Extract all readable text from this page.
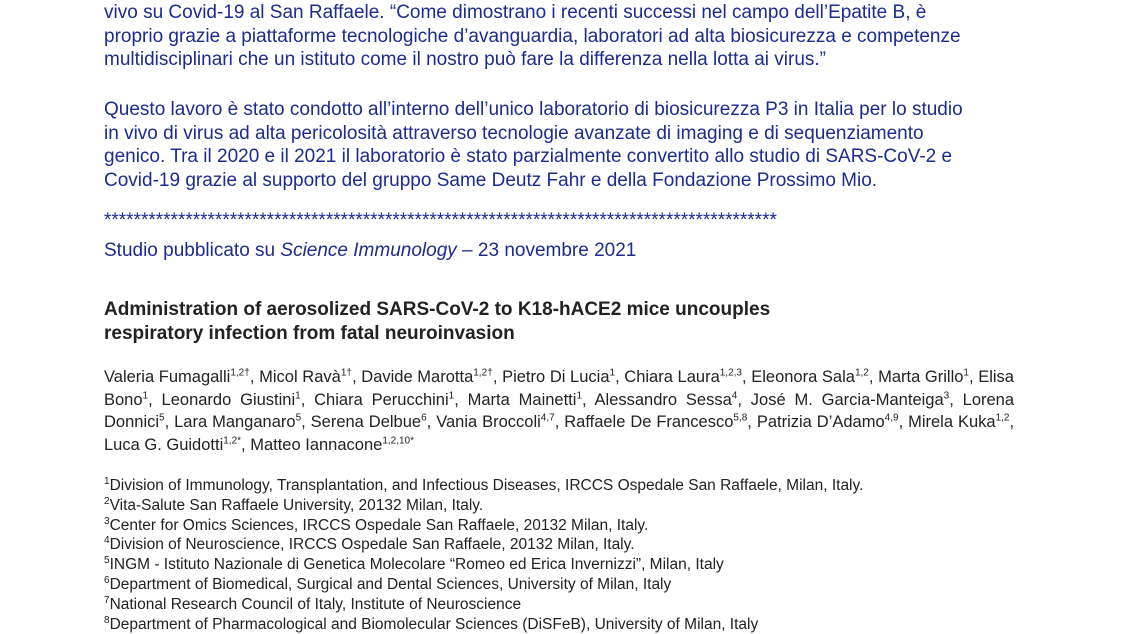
vivo su Covid-19 al San Raffaele. “Come dimostrano i recenti successi nel campo dell’Epatite B, è
proprio grazie a piattaforme tecnologiche d’avanguardia, laboratori ad alta biosicurezza e competenze
multidisciplinari che un istituto come il nostro può fare la differenza nella lotta ai virus.”
Questo lavoro è stato condotto all’interno dell’unico laboratorio di biosicurezza P3 in Italia per lo studio
in vivo di virus ad alta pericolosità attraverso tecnologie avanzate di imaging e di sequenziamento
genico. Tra il 2020 e il 2021 il laboratorio è stato parzialmente convertito allo studio di SARS-CoV-2 e
Covid-19 grazie al supporto del gruppo Same Deutz Fahr e della Fondazione Prossimo Mio.
*******************************************************************************************
Studio pubblicato su Science Immunology – 23 novembre 2021
Administration of aerosolized SARS-CoV-2 to K18-hACE2 mice uncouples
respiratory infection from fatal neuroinvasion
Valeria Fumagalli$^{1,2\dagger}$, Micol Ravà$^{1\dagger}$, Davide Marotta$^{1,2\dagger}$, Pietro Di Lucia$^1$, Chiara Laura$^{1,2,3}$, Eleonora Sala$^{1,2}$, Marta Grillo$^1$, Elisa Bono$^1$, Leonardo Giustini$^1$, Chiara Perucchini$^1$, Marta Mainetti$^1$, Alessandro Sessa$^4$, José M. Garcia-Manteiga$^3$, Lorena Donnici$^5$, Lara Manganaro$^5$, Serena Delbue$^6$, Vania Broccoli$^{4,7}$, Raffaele De Francesco$^{5,8}$, Patrizia D’Adamo$^{4,9}$, Mirela Kuka$^{1,2}$, Luca G. Guidotti$^{1,2*}$, Matteo Iannacone$^{1,2,10*}$
$^1$Division of Immunology, Transplantation, and Infectious Diseases, IRCCS Ospedale San Raffaele, Milan, Italy.
$^2$Vita-Salute San Raffaele University, 20132 Milan, Italy.
$^3$Center for Omics Sciences, IRCCS Ospedale San Raffaele, 20132 Milan, Italy.
$^4$Division of Neuroscience, IRCCS Ospedale San Raffaele, 20132 Milan, Italy.
$^5$INGM - Istituto Nazionale di Genetica Molecolare “Romeo ed Erica Invernizzi”, Milan, Italy
$^6$Department of Biomedical, Surgical and Dental Sciences, University of Milan, Italy
$^7$National Research Council of Italy, Institute of Neuroscience
$^8$Department of Pharmacological and Biomolecular Sciences (DiSFeB), University of Milan, Italy
